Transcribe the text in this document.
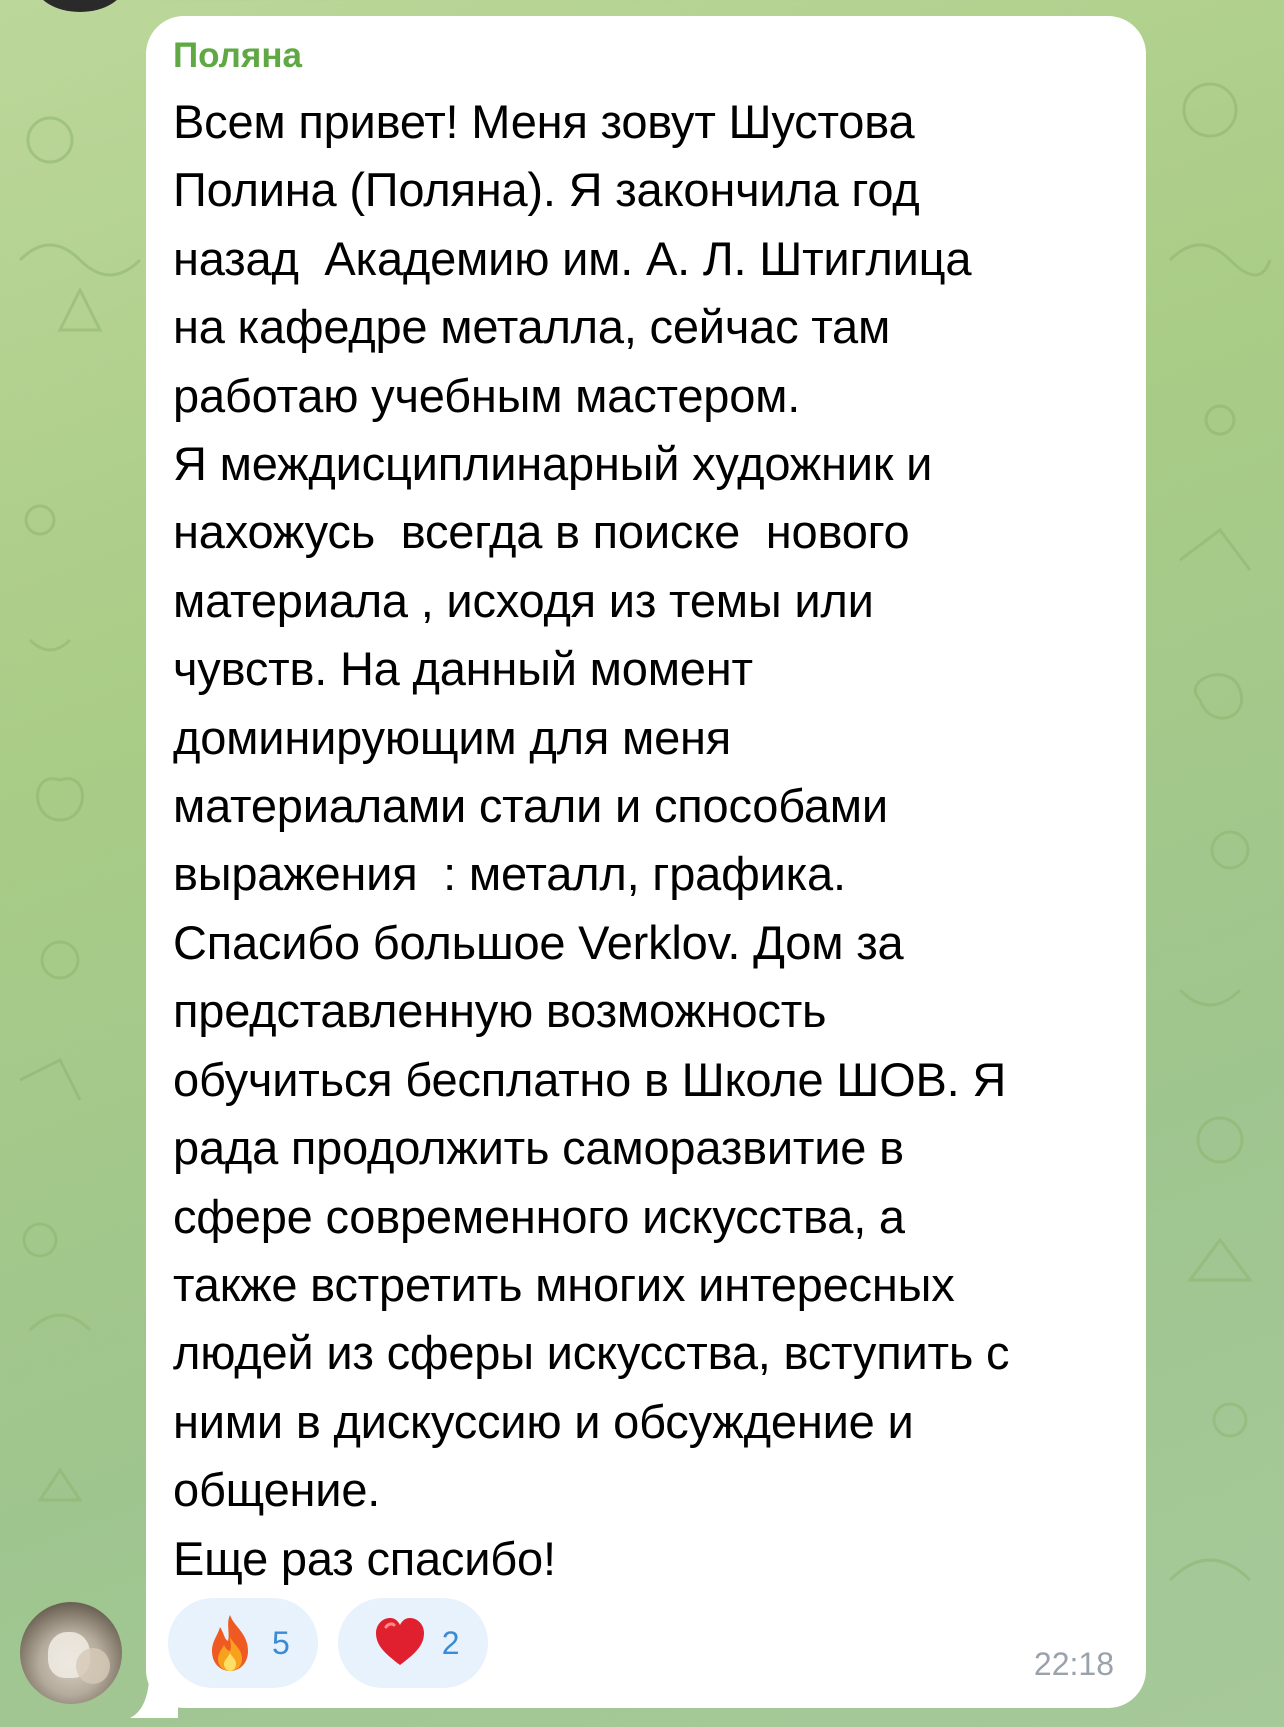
Поляна
Всем привет! Меня зовут Шустова
Полина (Поляна). Я закончила год
назад  Академию им. А. Л. Штиглица
на кафедре металла, сейчас там
работаю учебным мастером.
Я междисциплинарный художник и
нахожусь  всегда в поиске  нового
материала , исходя из темы или
чувств. На данный момент
доминирующим для меня
материалами стали и способами
выражения  : металл, графика.
Спасибо большое Verklov. Дом за
представленную возможность
обучиться бесплатно в Школе ШОВ. Я
рада продолжить саморазвитие в
сфере современного искусства, а
также встретить многих интересных
людей из сферы искусства, вступить с
ними в дискуссию и обсуждение и
общение.
Еще раз спасибо!
5	2
22:18
